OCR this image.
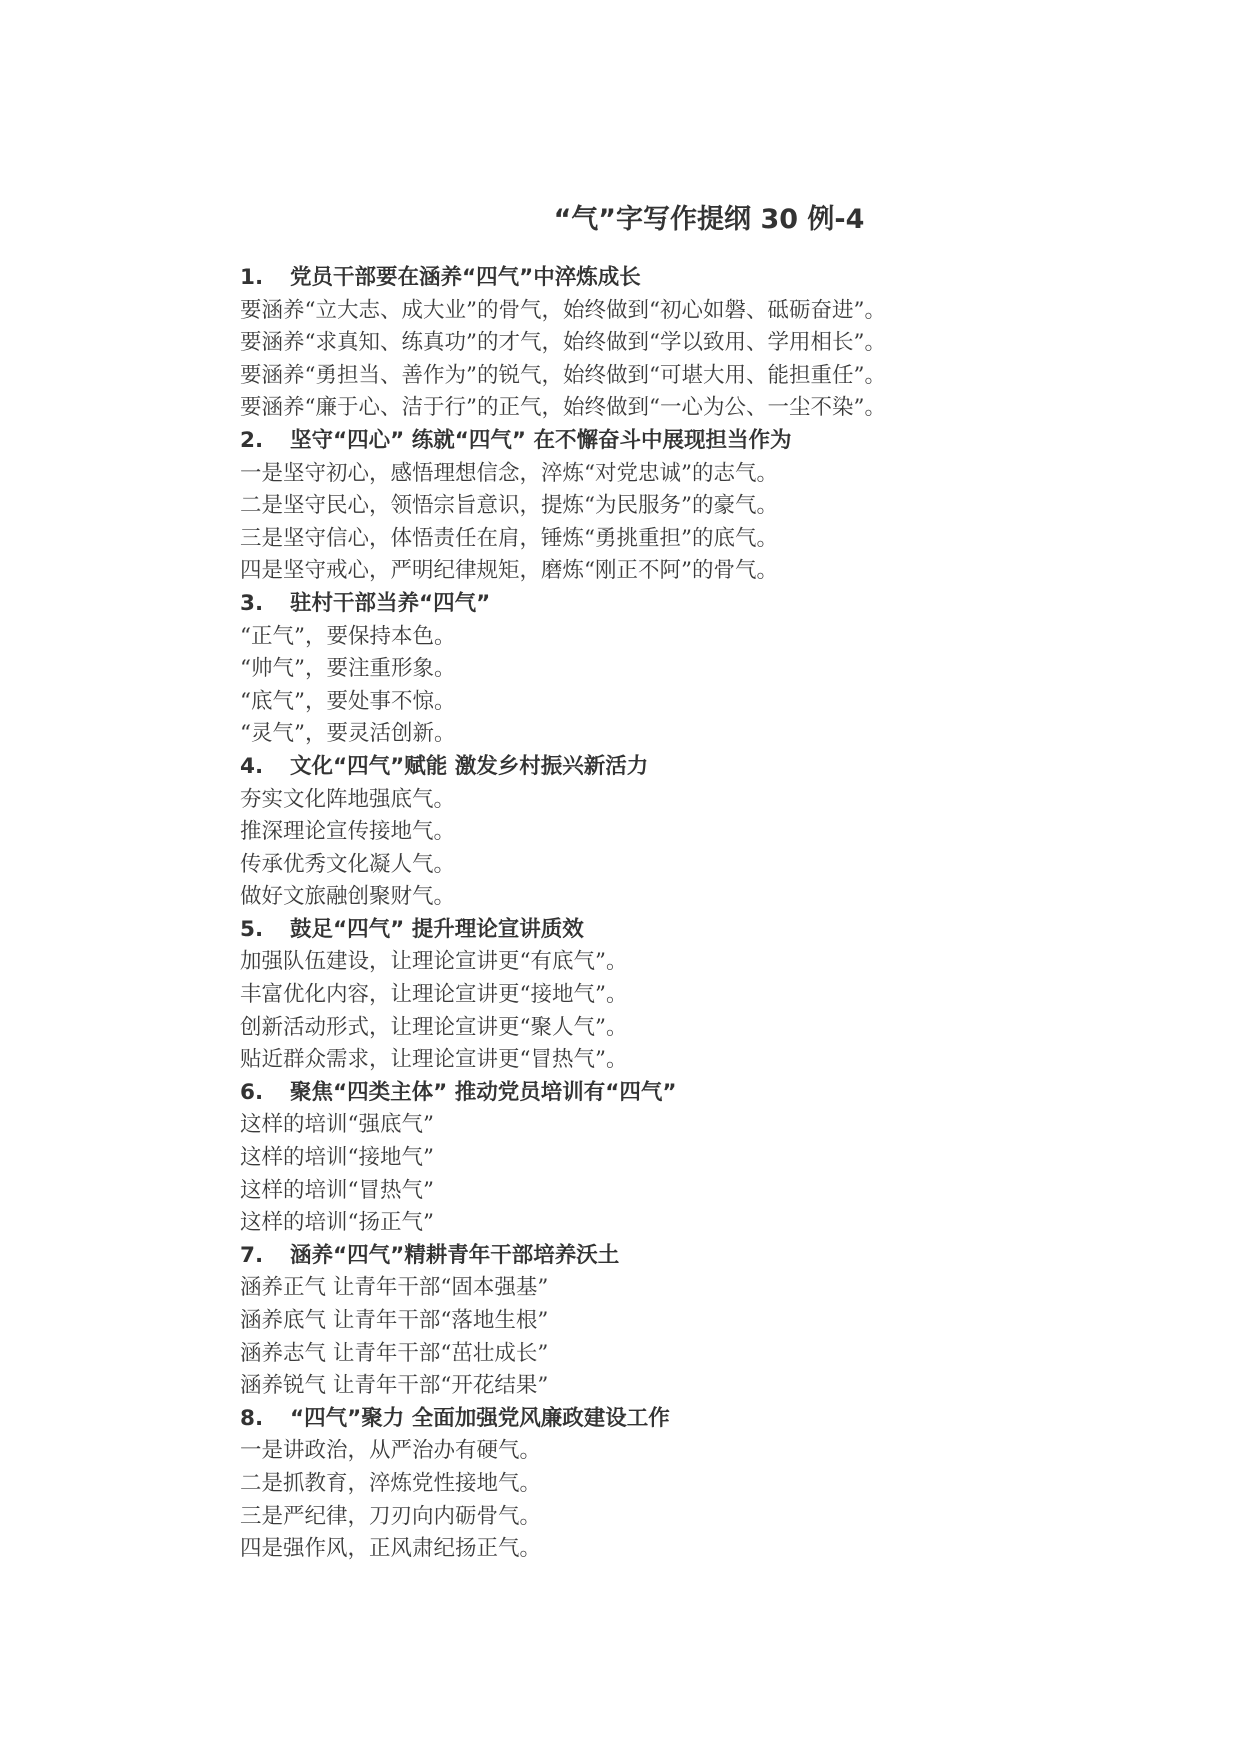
“气”字写作提纲 30 例-4
1. 党员干部要在涵养“四气”中淬炼成长
要涵养“立大志、成大业”的骨气，始终做到“初心如磐、砥砺奋进”。
要涵养“求真知、练真功”的才气，始终做到“学以致用、学用相长”。
要涵养“勇担当、善作为”的锐气，始终做到“可堪大用、能担重任”。
要涵养“廉于心、洁于行”的正气，始终做到“一心为公、一尘不染”。
2. 坚守“四心” 练就“四气” 在不懈奋斗中展现担当作为
一是坚守初心，感悟理想信念，淬炼“对党忠诚”的志气。
二是坚守民心，领悟宗旨意识，提炼“为民服务”的豪气。
三是坚守信心，体悟责任在肩，锤炼“勇挑重担”的底气。
四是坚守戒心，严明纪律规矩，磨炼“刚正不阿”的骨气。
3. 驻村干部当养“四气”
“正气”，要保持本色。
“帅气”，要注重形象。
“底气”，要处事不惊。
“灵气”，要灵活创新。
4. 文化“四气”赋能 激发乡村振兴新活力
夯实文化阵地强底气。
推深理论宣传接地气。
传承优秀文化凝人气。
做好文旅融创聚财气。
5. 鼓足“四气” 提升理论宣讲质效
加强队伍建设，让理论宣讲更“有底气”。
丰富优化内容，让理论宣讲更“接地气”。
创新活动形式，让理论宣讲更“聚人气”。
贴近群众需求，让理论宣讲更“冒热气”。
6. 聚焦“四类主体” 推动党员培训有“四气”
这样的培训“强底气”
这样的培训“接地气”
这样的培训“冒热气”
这样的培训“扬正气”
7. 涵养“四气”精耕青年干部培养沃土
涵养正气 让青年干部“固本强基”
涵养底气 让青年干部“落地生根”
涵养志气 让青年干部“茁壮成长”
涵养锐气 让青年干部“开花结果”
8. “四气”聚力 全面加强党风廉政建设工作
一是讲政治，从严治办有硬气。
二是抓教育，淬炼党性接地气。
三是严纪律，刀刃向内砺骨气。
四是强作风，正风肃纪扬正气。
